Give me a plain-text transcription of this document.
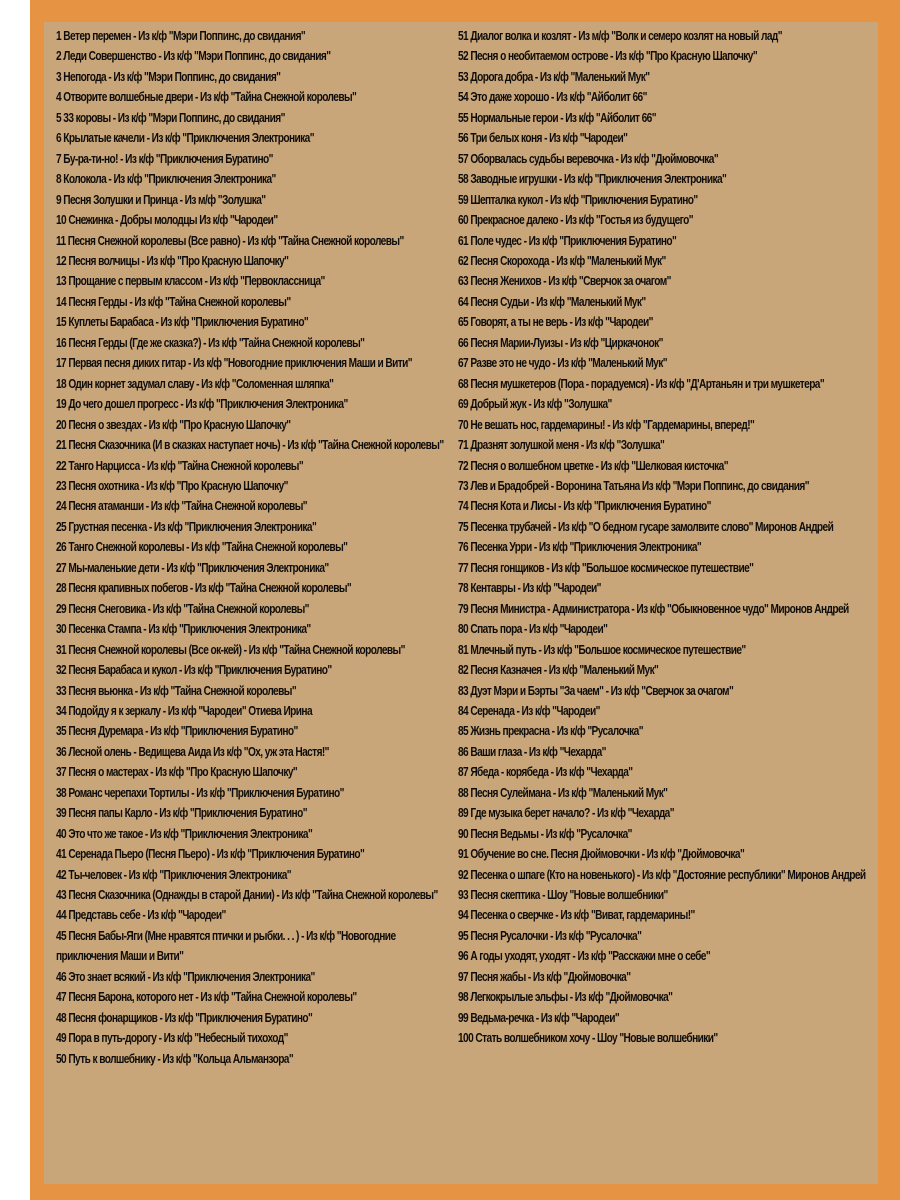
1 Ветер перемен - Из к/ф "Мэри Поппинс, до свидания"
2 Леди Совершенство - Из к/ф "Мэри Поппинс, до свидания"
3 Непогода - Из к/ф "Мэри Поппинс, до свидания"
4 Отворите волшебные двери - Из к/ф "Тайна Снежной королевы"
5 33 коровы - Из к/ф "Мэри Поппинс, до свидания"
6 Крылатые качели - Из к/ф "Приключения Электроника"
7 Бу-ра-ти-но! - Из к/ф "Приключения Буратино"
8 Колокола - Из к/ф "Приключения Электроника"
9 Песня Золушки и Принца - Из м/ф "Золушка"
10 Снежинка - Добры молодцы Из к/ф "Чародеи"
11 Песня Снежной королевы (Все равно) - Из к/ф "Тайна Снежной королевы"
12 Песня волчицы - Из к/ф "Про Красную Шапочку"
13 Прощание с первым классом - Из к/ф "Первоклассница"
14 Песня Герды - Из к/ф "Тайна Снежной королевы"
15 Куплеты Барабаса - Из к/ф "Приключения Буратино"
16 Песня Герды (Где же сказка?) - Из к/ф "Тайна Снежной королевы"
17 Первая песня диких гитар - Из к/ф "Новогодние приключения Маши и Вити"
18 Один корнет задумал славу - Из к/ф "Соломенная шляпка"
19 До чего дошел прогресс - Из к/ф "Приключения Электроника"
20 Песня о звездах - Из к/ф "Про Красную Шапочку"
21 Песня Сказочника (И в сказках наступает ночь) - Из к/ф "Тайна Снежной королевы"
22 Танго Нарцисса - Из к/ф "Тайна Снежной королевы"
23 Песня охотника - Из к/ф "Про Красную Шапочку"
24 Песня атаманши - Из к/ф "Тайна Снежной королевы"
25 Грустная песенка - Из к/ф "Приключения Электроника"
26 Танго Снежной королевы - Из к/ф "Тайна Снежной королевы"
27 Мы-маленькие дети - Из к/ф "Приключения Электроника"
28 Песня крапивных побегов - Из к/ф "Тайна Снежной королевы"
29 Песня Снеговика - Из к/ф "Тайна Снежной королевы"
30 Песенка Стампа - Из к/ф "Приключения Электроника"
31 Песня Снежной королевы (Все ок-кей) - Из к/ф "Тайна Снежной королевы"
32 Песня Барабаса и кукол - Из к/ф "Приключения Буратино"
33 Песня вьюнка - Из к/ф "Тайна Снежной королевы"
34 Подойду я к зеркалу - Из к/ф "Чародеи" Отиева Ирина
35 Песня Дуремара - Из к/ф "Приключения Буратино"
36 Лесной олень - Ведищева Аида Из к/ф "Ох, уж эта Настя!"
37 Песня о мастерах - Из к/ф "Про Красную Шапочку"
38 Романс черепахи Тортилы - Из к/ф "Приключения Буратино"
39 Песня папы Карло - Из к/ф "Приключения Буратино"
40 Это что же такое - Из к/ф "Приключения Электроника"
41 Серенада Пьеро (Песня Пьеро) - Из к/ф "Приключения Буратино"
42 Ты-человек - Из к/ф "Приключения Электроника"
43 Песня Сказочника (Однажды в старой Дании) - Из к/ф "Тайна Снежной королевы"
44 Представь себе - Из к/ф "Чародеи"
45 Песня Бабы-Яги (Мне нравятся птички и рыбки. . . ) - Из к/ф "Новогодние приключения Маши и Вити"
46 Это знает всякий - Из к/ф "Приключения Электроника"
47 Песня Барона, которого нет - Из к/ф "Тайна Снежной королевы"
48 Песня фонарщиков - Из к/ф "Приключения Буратино"
49 Пора в путь-дорогу - Из к/ф "Небесный тихоход"
50 Путь к волшебнику - Из к/ф "Кольца Альманзора"
51 Диалог волка и козлят - Из м/ф "Волк и семеро козлят на новый лад"
52 Песня о необитаемом острове - Из к/ф "Про Красную Шапочку"
53 Дорога добра - Из к/ф "Маленький Мук"
54 Это даже хорошо - Из к/ф "Айболит 66"
55 Нормальные герои - Из к/ф "Айболит 66"
56 Три белых коня - Из к/ф "Чародеи"
57 Оборвалась судьбы веревочка - Из к/ф "Дюймовочка"
58 Заводные игрушки - Из к/ф "Приключения Электроника"
59 Шепталка кукол - Из к/ф "Приключения Буратино"
60 Прекрасное далеко - Из к/ф "Гостья из будущего"
61 Поле чудес - Из к/ф "Приключения Буратино"
62 Песня Скорохода - Из к/ф "Маленький Мук"
63 Песня Женихов - Из к/ф "Сверчок за очагом"
64 Песня Судьи - Из к/ф "Маленький Мук"
65 Говорят, а ты не верь - Из к/ф "Чародеи"
66 Песня Марии-Луизы - Из к/ф "Циркачонок"
67 Разве это не чудо - Из к/ф "Маленький Мук"
68 Песня мушкетеров (Пора - порадуемся) - Из к/ф "Д'Артаньян и три мушкетера"
69 Добрый жук - Из к/ф "Золушка"
70 Не вешать нос, гардемарины! - Из к/ф "Гардемарины, вперед!"
71 Дразнят золушкой меня - Из к/ф "Золушка"
72 Песня о волшебном цветке - Из к/ф "Шелковая кисточка"
73 Лев и Брадобрей - Воронина Татьяна Из к/ф "Мэри Поппинс, до свидания"
74 Песня Кота и Лисы - Из к/ф "Приключения Буратино"
75 Песенка трубачей - Из к/ф "О бедном гусаре замолвите слово" Миронов Андрей
76 Песенка Урри - Из к/ф "Приключения Электроника"
77 Песня гонщиков - Из к/ф "Большое космическое путешествие"
78 Кентавры - Из к/ф "Чародеи"
79 Песня Министра - Администратора - Из к/ф "Обыкновенное чудо" Миронов Андрей
80 Спать пора - Из к/ф "Чародеи"
81 Млечный путь - Из к/ф "Большое космическое путешествие"
82 Песня Казначея - Из к/ф "Маленький Мук"
83 Дуэт Мэри и Бэрты "За чаем" - Из к/ф "Сверчок за очагом"
84 Серенада - Из к/ф "Чародеи"
85 Жизнь прекрасна - Из к/ф "Русалочка"
86 Ваши глаза - Из к/ф "Чехарда"
87 Ябеда - корябеда - Из к/ф "Чехарда"
88 Песня Сулеймана - Из к/ф "Маленький Мук"
89 Где музыка берет начало? - Из к/ф "Чехарда"
90 Песня Ведьмы - Из к/ф "Русалочка"
91 Обучение во сне. Песня Дюймовочки - Из к/ф "Дюймовочка"
92 Песенка о шпаге (Кто на новенького) - Из к/ф "Достояние республики" Миронов Андрей
93 Песня скептика - Шоу "Новые волшебники"
94 Песенка о сверчке - Из к/ф "Виват, гардемарины!"
95 Песня Русалочки - Из к/ф "Русалочка"
96 А годы уходят, уходят - Из к/ф "Расскажи мне о себе"
97 Песня жабы - Из к/ф "Дюймовочка"
98 Легкокрылые эльфы - Из к/ф "Дюймовочка"
99 Ведьма-речка - Из к/ф "Чародеи"
100 Стать волшебником хочу - Шоу "Новые волшебники"
